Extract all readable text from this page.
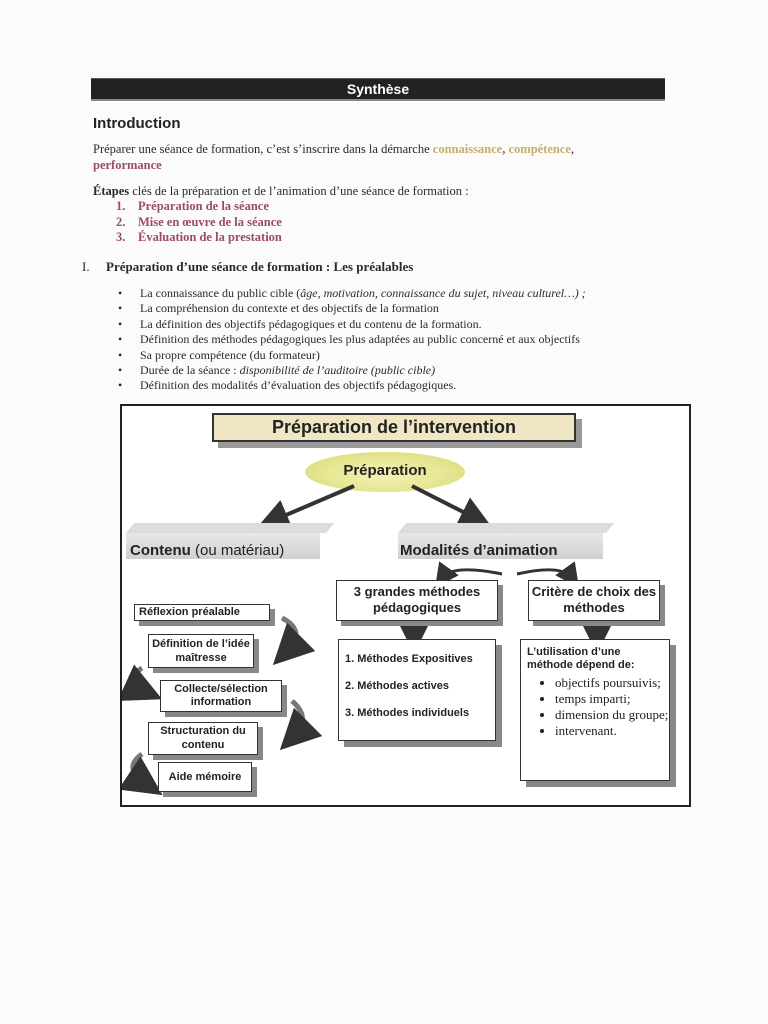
Synthèse
Introduction
Préparer une séance de formation, c’est s’inscrire dans la démarche connaissance, compétence,
performance
Étapes clés de la préparation et de l’animation d’une séance de formation :
1. Préparation de la séance
2. Mise en œuvre de la séance
3. Évaluation de la prestation
I. Préparation d’une séance de formation : Les préalables
• La connaissance du public cible (âge, motivation, connaissance du sujet, niveau culturel…) ;
• La compréhension du contexte et des objectifs de la formation
• La définition des objectifs pédagogiques et du contenu de la formation.
• Définition des méthodes pédagogiques les plus adaptées au public concerné et aux objectifs
• Sa propre compétence (du formateur)
• Durée de la séance : disponibilité de l’auditoire (public cible)
• Définition des modalités d’évaluation des objectifs pédagogiques.
Préparation de l’intervention
Préparation
Contenu (ou matériau)	Modalités d’animation
Réflexion préalable
Définition de l’idée maîtresse
Collecte/sélection information
Structuration du contenu
Aide mémoire
3 grandes méthodes pédagogiques
Critère de choix des méthodes
1. Méthodes Expositives
2. Méthodes actives
3. Méthodes individuels
L’utilisation d’une méthode dépend de:
• objectifs poursuivis;
• temps imparti;
• dimension du groupe;
• intervenant.
